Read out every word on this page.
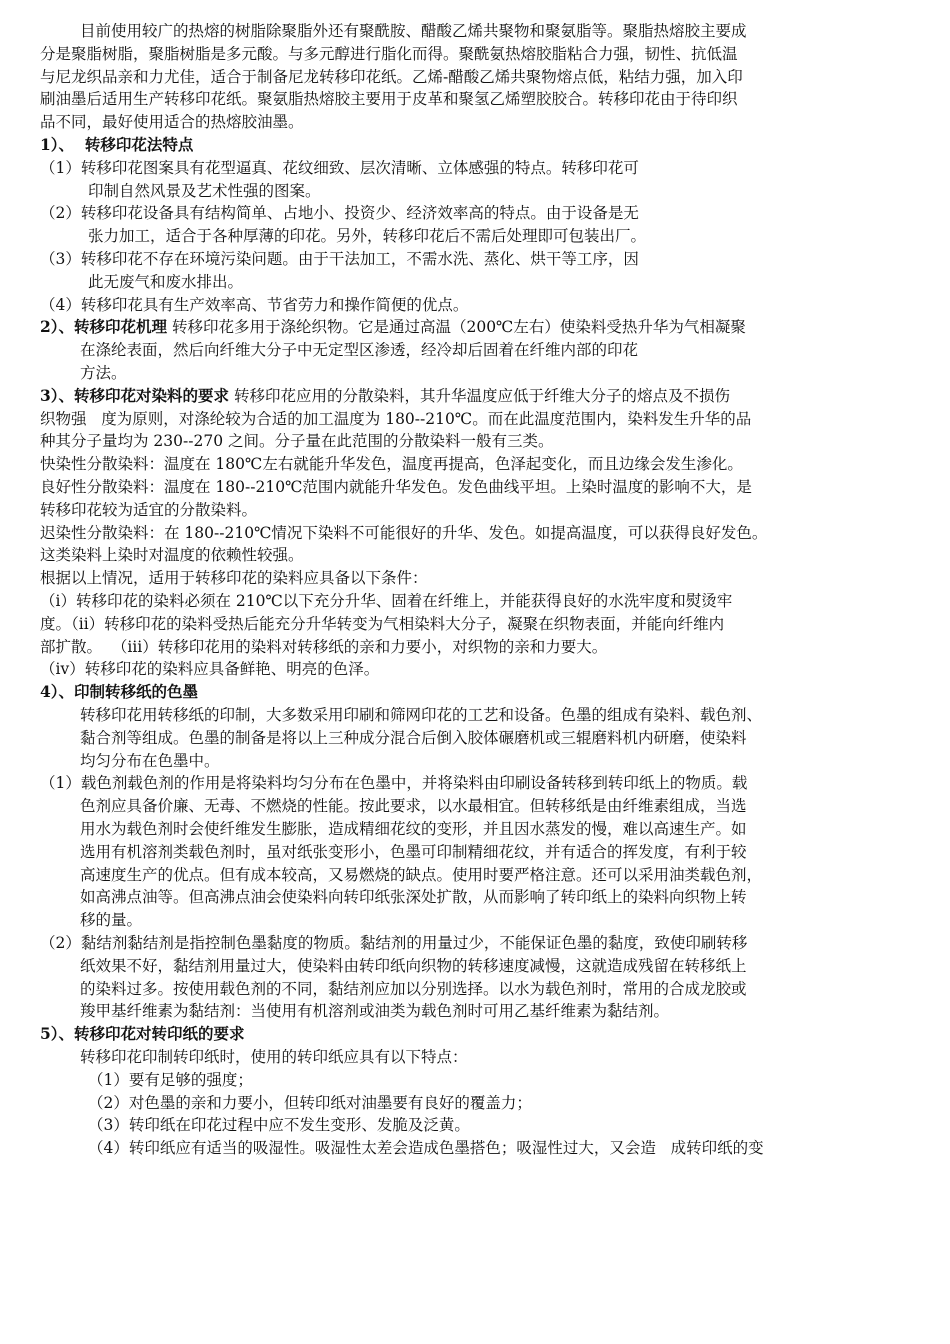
目前使用较广的热熔的树脂除聚脂外还有聚酰胺、醋酸乙烯共聚物和聚氨脂等。聚脂热熔胶主要成
分是聚脂树脂，聚脂树脂是多元酸。与多元醇进行脂化而得。聚酰氨热熔胶脂粘合力强，韧性、抗低温
与尼龙织品亲和力尤佳，适合于制备尼龙转移印花纸。乙烯-醋酸乙烯共聚物熔点低，粘结力强，加入印
刷油墨后适用生产转移印花纸。聚氨脂热熔胶主要用于皮革和聚氢乙烯塑胶胶合。转移印花由于待印织
品不同，最好使用适合的热熔胶油墨。
1）、  转移印花法特点
（1）转移印花图案具有花型逼真、花纹细致、层次清晰、立体感强的特点。转移印花可
印制自然风景及艺术性强的图案。
（2）转移印花设备具有结构简单、占地小、投资少、经济效率高的特点。由于设备是无
张力加工，适合于各种厚薄的印花。另外，转移印花后不需后处理即可包装出厂。
（3）转移印花不存在环境污染问题。由于干法加工，不需水洗、蒸化、烘干等工序，因
此无废气和废水排出。
（4）转移印花具有生产效率高、节省劳力和操作简便的优点。
2）、转移印花机理 转移印花多用于涤纶织物。它是通过高温（200℃左右）使染料受热升华为气相凝聚
在涤纶表面，然后向纤维大分子中无定型区渗透，经冷却后固着在纤维内部的印花
方法。
3）、转移印花对染料的要求 转移印花应用的分散染料，其升华温度应低于纤维大分子的熔点及不损伤
织物强   度为原则，对涤纶较为合适的加工温度为 180--210℃。而在此温度范围内，染料发生升华的品
种其分子量均为 230--270 之间。分子量在此范围的分散染料一般有三类。
快染性分散染料：温度在 180℃左右就能升华发色，温度再提高，色泽起变化，而且边缘会发生渗化。
良好性分散染料：温度在 180--210℃范围内就能升华发色。发色曲线平坦。上染时温度的影响不大，是
转移印花较为适宜的分散染料。
迟染性分散染料：在 180--210℃情况下染料不可能很好的升华、发色。如提高温度，可以获得良好发色。
这类染料上染时对温度的依赖性较强。
根据以上情况，适用于转移印花的染料应具备以下条件：
（ⅰ）转移印花的染料必须在 210℃以下充分升华、固着在纤维上，并能获得良好的水洗牢度和熨烫牢
度。（ⅱ）转移印花的染料受热后能充分升华转变为气相染料大分子，凝聚在织物表面，并能向纤维内
部扩散。  （ⅲ）转移印花用的染料对转移纸的亲和力要小，对织物的亲和力要大。
（ⅳ）转移印花的染料应具备鲜艳、明亮的色泽。
4）、印制转移纸的色墨
转移印花用转移纸的印制，大多数采用印刷和筛网印花的工艺和设备。色墨的组成有染料、载色剂、
黏合剂等组成。色墨的制备是将以上三种成分混合后倒入胶体碾磨机或三辊磨料机内研磨，使染料
均匀分布在色墨中。
（1）载色剂载色剂的作用是将染料均匀分布在色墨中，并将染料由印刷设备转移到转印纸上的物质。载
色剂应具备价廉、无毒、不燃烧的性能。按此要求，以水最相宜。但转移纸是由纤维素组成，当选
用水为载色剂时会使纤维发生膨胀，造成精细花纹的变形，并且因水蒸发的慢，难以高速生产。如
选用有机溶剂类载色剂时，虽对纸张变形小，色墨可印制精细花纹，并有适合的挥发度，有利于较
高速度生产的优点。但有成本较高，又易燃烧的缺点。使用时要严格注意。还可以采用油类载色剂，
如高沸点油等。但高沸点油会使染料向转印纸张深处扩散，从而影响了转印纸上的染料向织物上转
移的量。
（2）黏结剂黏结剂是指控制色墨黏度的物质。黏结剂的用量过少，不能保证色墨的黏度，致使印刷转移
纸效果不好，黏结剂用量过大，使染料由转印纸向织物的转移速度减慢，这就造成残留在转移纸上
的染料过多。按使用载色剂的不同，黏结剂应加以分别选择。以水为载色剂时，常用的合成龙胶或
羧甲基纤维素为黏结剂：当使用有机溶剂或油类为载色剂时可用乙基纤维素为黏结剂。
5）、转移印花对转印纸的要求
转移印花印制转印纸时，使用的转印纸应具有以下特点：
（1）要有足够的强度；
（2）对色墨的亲和力要小，但转印纸对油墨要有良好的覆盖力；
（3）转印纸在印花过程中应不发生变形、发脆及泛黄。
（4）转印纸应有适当的吸湿性。吸湿性太差会造成色墨搭色；吸湿性过大，又会造   成转印纸的变
